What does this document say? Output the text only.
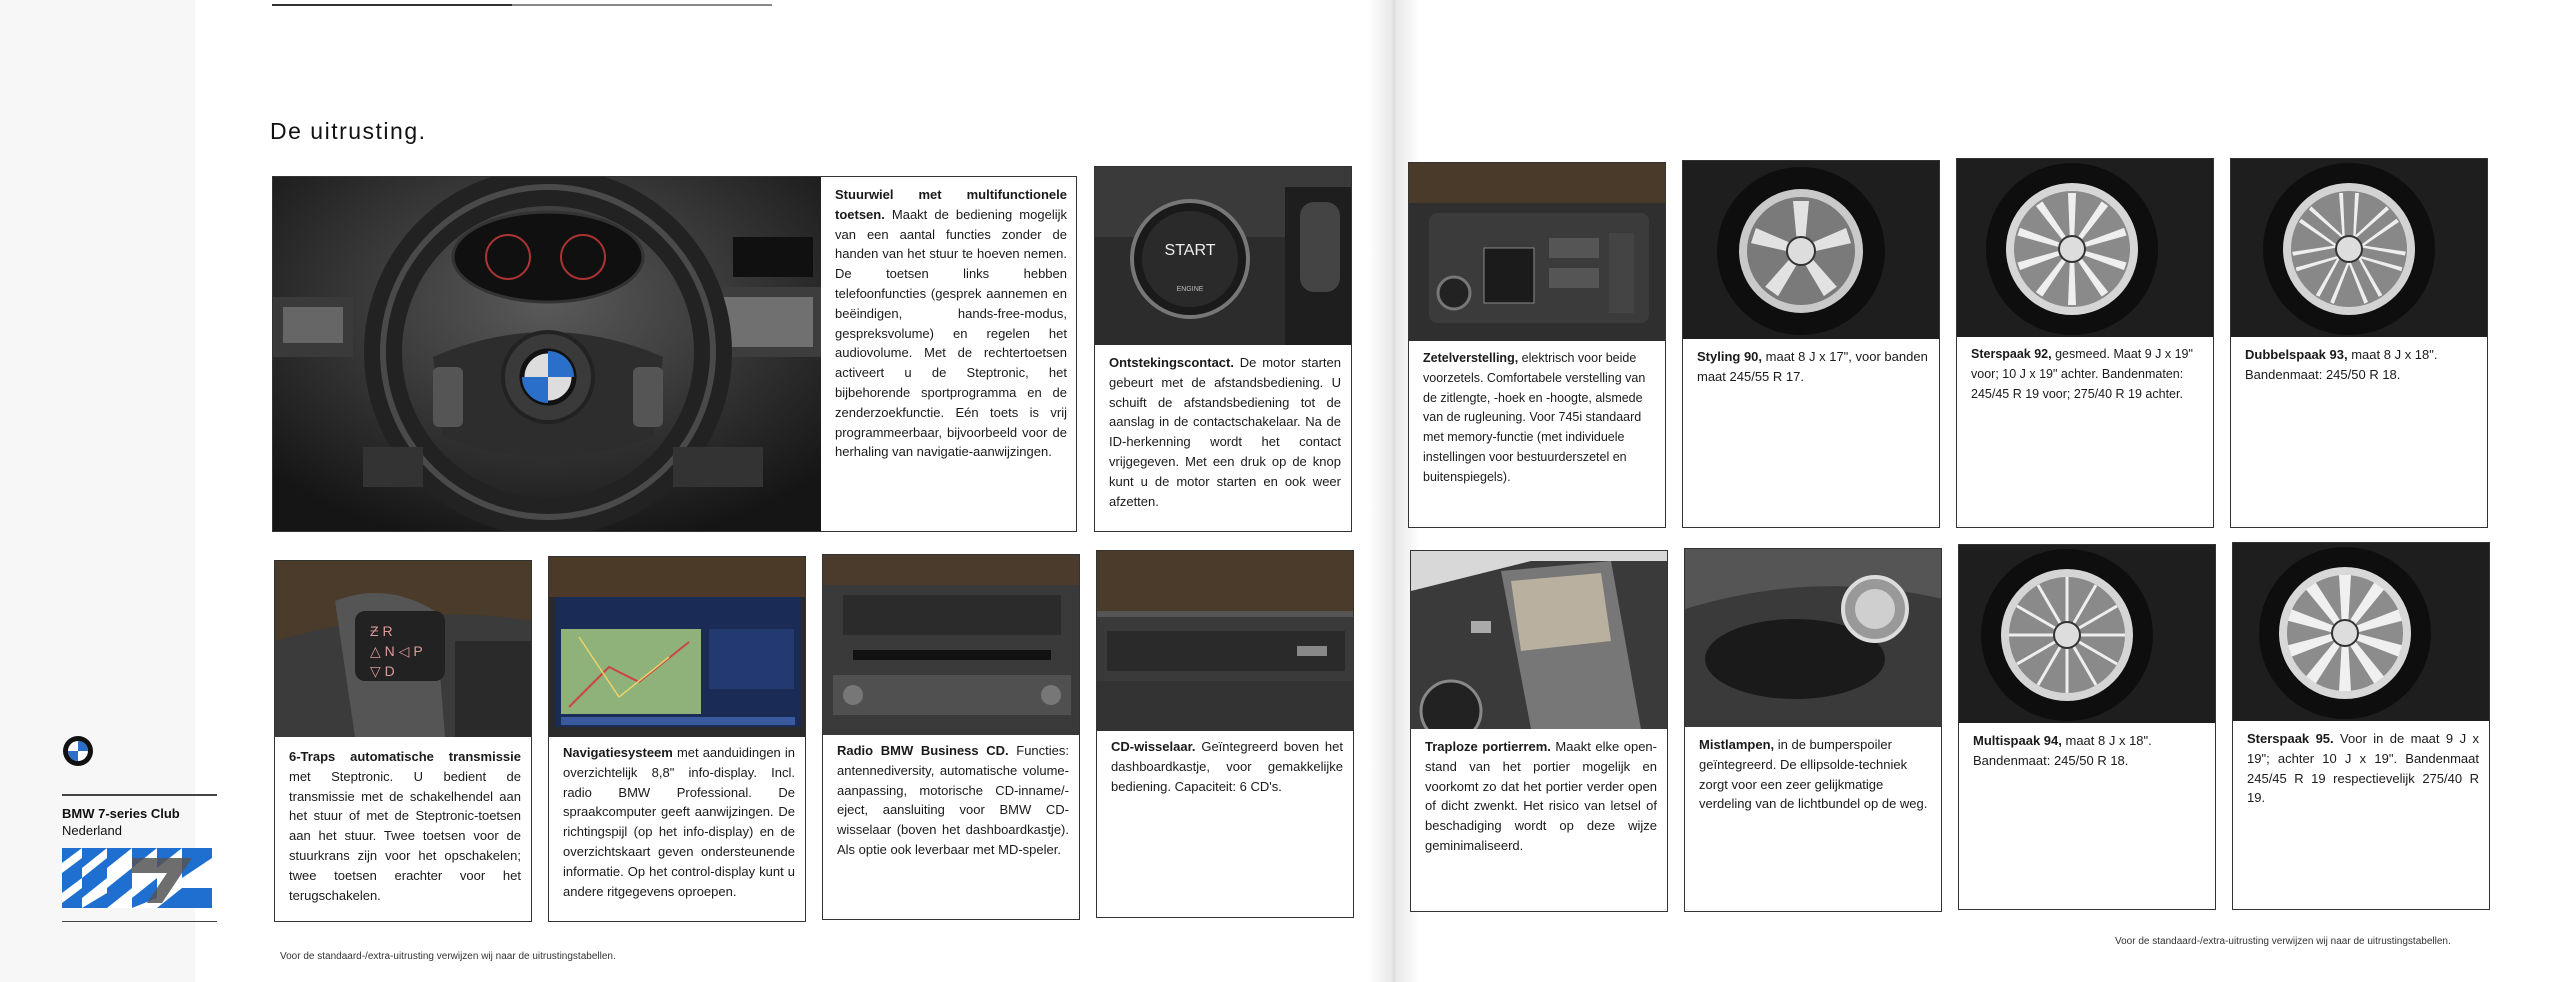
De uitrusting.
Stuurwiel met multifunctionele toetsen. Maakt de bediening mogelijk van een aantal functies zonder de handen van het stuur te hoeven nemen. De toetsen links hebben telefoonfuncties (gesprek aannemen en beëindigen, hands-free-modus, gespreksvolume) en regelen het audiovolume. Met de rechtertoetsen activeert u de Steptronic, het bijbehorende sportprogramma en de zenderzoekfunctie. Eén toets is vrij programmeerbaar, bijvoorbeeld voor de herhaling van navigatie-aanwijzingen.
START
ENGINE
Ontstekingscontact. De motor starten gebeurt met de afstandsbediening. U schuift de afstandsbediening tot de aanslag in de contactschakelaar. Na de ID-herkenning wordt het contact vrijgegeven. Met een druk op de knop kunt u de motor starten en ook weer afzetten.
Ƶ R
△ N ◁ P
▽ D
6-Traps automatische transmissie met Steptronic. U bedient de transmissie met de schakelhendel aan het stuur of met de Steptronic-toetsen aan het stuur. Twee toetsen voor de stuurkrans zijn voor het opschakelen; twee toetsen erachter voor het terugschakelen.
Navigatiesysteem met aanduidingen in overzichtelijk 8,8" info-display. Incl. radio BMW Professional. De spraakcomputer geeft aanwijzingen. De richtingspijl (op het info-display) en de overzichtskaart geven ondersteunende informatie. Op het control-display kunt u andere ritgegevens oproepen.
Radio BMW Business CD. Functies: antennediversity, automatische volume-aanpassing, motorische CD-inname/-eject, aansluiting voor BMW CD-wisselaar (boven het dashboardkastje). Als optie ook leverbaar met MD-speler.
CD-wisselaar. Geïntegreerd boven het dashboardkastje, voor gemakkelijke bediening. Capaciteit: 6 CD's.
BMW 7-series Club
Nederland
Voor de standaard-/extra-uitrusting verwijzen wij naar de uitrustingstabellen.
Zetelverstelling, elektrisch voor beide voorzetels. Comfortabele verstelling van de zitlengte, -hoek en -hoogte, alsmede van de rugleuning. Voor 745i standaard met memory-functie (met individuele instellingen voor bestuurderszetel en buitenspiegels).
Styling 90, maat 8 J x 17", voor banden maat 245/55 R 17.
Sterspaak 92, gesmeed. Maat 9 J x 19" voor; 10 J x 19" achter. Bandenmaten: 245/45 R 19 voor; 275/40 R 19 achter.
Dubbelspaak 93, maat 8 J x 18". Bandenmaat: 245/50 R 18.
Traploze portierrem. Maakt elke open-stand van het portier mogelijk en voorkomt zo dat het portier verder open of dicht zwenkt. Het risico van letsel of beschadiging wordt op deze wijze geminimaliseerd.
Mistlampen, in de bumperspoiler geïntegreerd. De ellipsolde-techniek zorgt voor een zeer gelijkmatige verdeling van de lichtbundel op de weg.
Multispaak 94, maat 8 J x 18". Bandenmaat: 245/50 R 18.
Sterspaak 95. Voor in de maat 9 J x 19"; achter 10 J x 19". Bandenmaat 245/45 R 19 respectievelijk 275/40 R 19.
Voor de standaard-/extra-uitrusting verwijzen wij naar de uitrustingstabellen.
